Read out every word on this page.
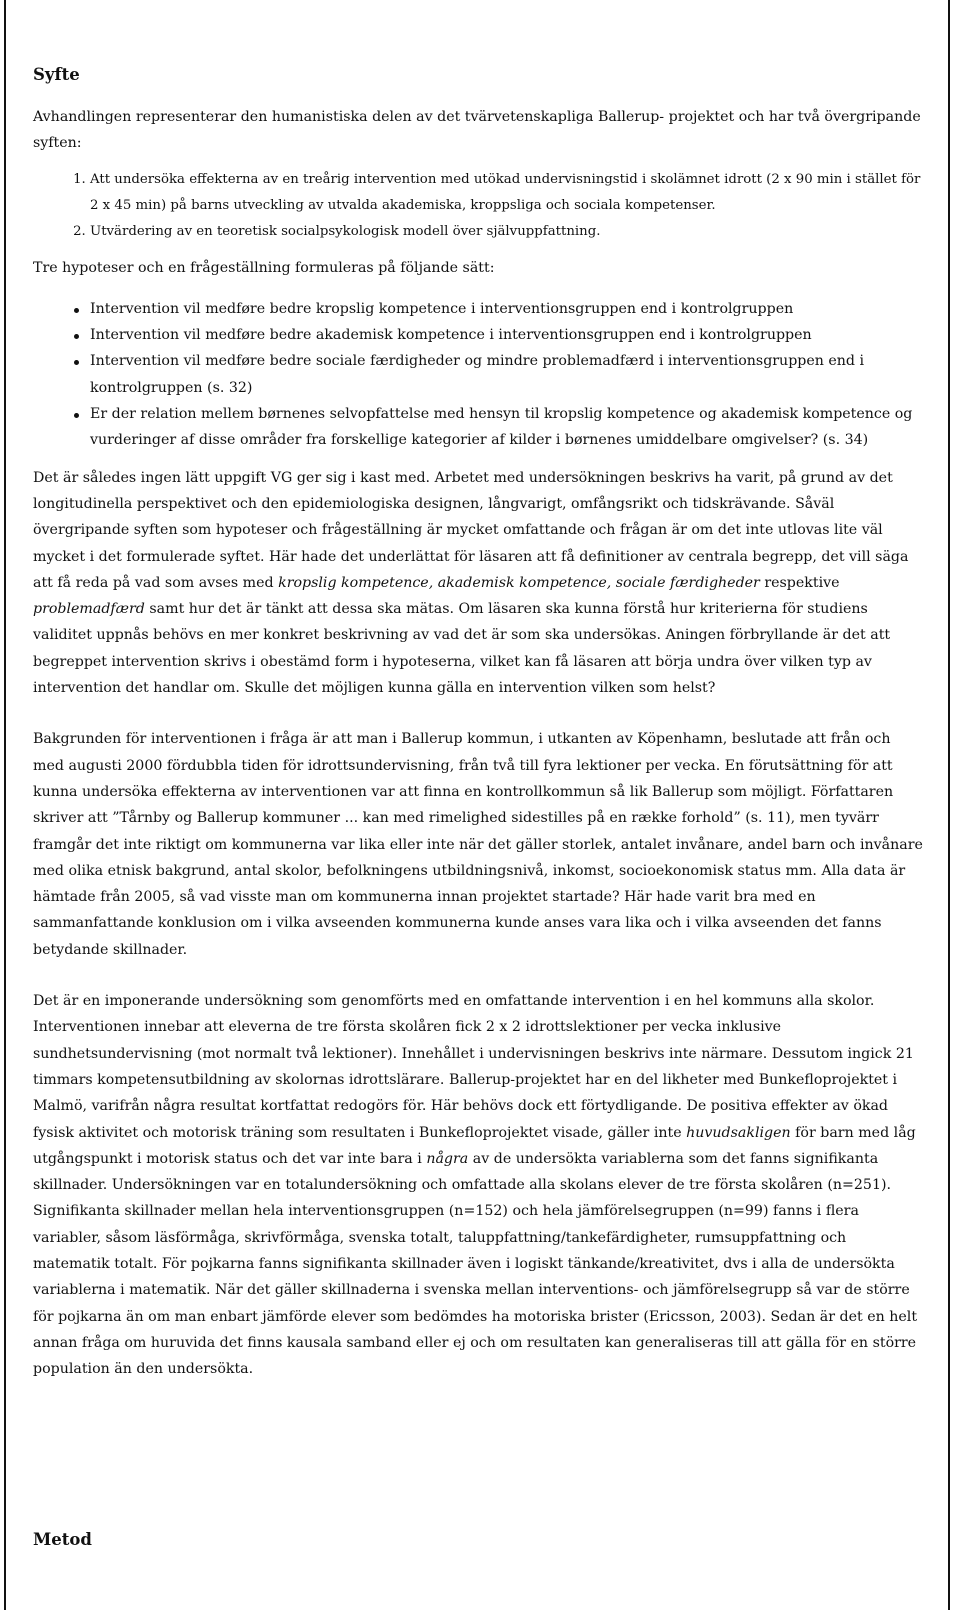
Syfte

Avhandlingen representerar den humanistiska delen av det tvärvetenskapliga Ballerup- projektet och har två övergripande syften:

1. Att undersöka effekterna av en treårig intervention med utökad undervisningstid i skolämnet idrott (2 x 90 min i stället för 2 x 45 min) på barns utveckling av utvalda akademiska, kroppsliga och sociala kompetenser.
2. Utvärdering av en teoretisk socialpsykologisk modell över självuppfattning.

Tre hypoteser och en frågeställning formuleras på följande sätt:

Intervention vil medføre bedre kropslig kompetence i interventionsgruppen end i kontrolgruppen
Intervention vil medføre bedre akademisk kompetence i interventionsgruppen end i kontrolgruppen
Intervention vil medføre bedre sociale færdigheder og mindre problemadfærd i interventionsgruppen end i kontrolgruppen (s. 32)
Er der relation mellem børnenes selvopfattelse med hensyn til kropslig kompetence og akademisk kompetence og vurderinger af disse områder fra forskellige kategorier af kilder i børnenes umiddelbare omgivelser? (s. 34)

Det är således ingen lätt uppgift VG ger sig i kast med. Arbetet med undersökningen beskrivs ha varit, på grund av det longitudinella perspektivet och den epidemiologiska designen, långvarigt, omfångsrikt och tidskrävande. Såväl övergripande syften som hypoteser och frågeställning är mycket omfattande och frågan är om det inte utlovas lite väl mycket i det formulerade syftet. Här hade det underlättat för läsaren att få definitioner av centrala begrepp, det vill säga att få reda på vad som avses med kropslig kompetence, akademisk kompetence, sociale færdigheder respektive problemadfærd samt hur det är tänkt att dessa ska mätas. Om läsaren ska kunna förstå hur kriterierna för studiens validitet uppnås behövs en mer konkret beskrivning av vad det är som ska undersökas. Aningen förbryllande är det att begreppet intervention skrivs i obestämd form i hypoteserna, vilket kan få läsaren att börja undra över vilken typ av intervention det handlar om. Skulle det möjligen kunna gälla en intervention vilken som helst?

Bakgrunden för interventionen i fråga är att man i Ballerup kommun, i utkanten av Köpenhamn, beslutade att från och med augusti 2000 fördubbla tiden för idrottsundervisning, från två till fyra lektioner per vecka. En förutsättning för att kunna undersöka effekterna av interventionen var att finna en kontrollkommun så lik Ballerup som möjligt. Författaren skriver att ”Tårnby og Ballerup kommuner ... kan med rimelighed sidestilles på en række forhold” (s. 11), men tyvärr framgår det inte riktigt om kommunerna var lika eller inte när det gäller storlek, antalet invånare, andel barn och invånare med olika etnisk bakgrund, antal skolor, befolkningens utbildningsnivå, inkomst, socioekonomisk status mm. Alla data är hämtade från 2005, så vad visste man om kommunerna innan projektet startade? Här hade varit bra med en sammanfattande konklusion om i vilka avseenden kommunerna kunde anses vara lika och i vilka avseenden det fanns betydande skillnader.

Det är en imponerande undersökning som genomförts med en omfattande intervention i en hel kommuns alla skolor. Interventionen innebar att eleverna de tre första skolåren fick 2 x 2 idrottslektioner per vecka inklusive sundhetsundervisning (mot normalt två lektioner). Innehållet i undervisningen beskrivs inte närmare. Dessutom ingick 21 timmars kompetensutbildning av skolornas idrottslärare. Ballerup-projektet har en del likheter med Bunkefloprojektet i Malmö, varifrån några resultat kortfattat redogörs för. Här behövs dock ett förtydligande. De positiva effekter av ökad fysisk aktivitet och motorisk träning som resultaten i Bunkefloprojektet visade, gäller inte huvudsakligen för barn med låg utgångspunkt i motorisk status och det var inte bara i några av de undersökta variablerna som det fanns signifikanta skillnader. Undersökningen var en totalundersökning och omfattade alla skolans elever de tre första skolåren (n=251). Signifikanta skillnader mellan hela interventionsgruppen (n=152) och hela jämförelsegruppen (n=99) fanns i flera variabler, såsom läsförmåga, skrivförmåga, svenska totalt, taluppfattning/tankefärdigheter, rumsuppfattning och matematik totalt. För pojkarna fanns signifikanta skillnader även i logiskt tänkande/kreativitet, dvs i alla de undersökta variablerna i matematik. När det gäller skillnaderna i svenska mellan interventions- och jämförelsegrupp så var de större för pojkarna än om man enbart jämförde elever som bedömdes ha motoriska brister (Ericsson, 2003). Sedan är det en helt annan fråga om huruvida det finns kausala samband eller ej och om resultaten kan generaliseras till att gälla för en större population än den undersökta.

Metod
